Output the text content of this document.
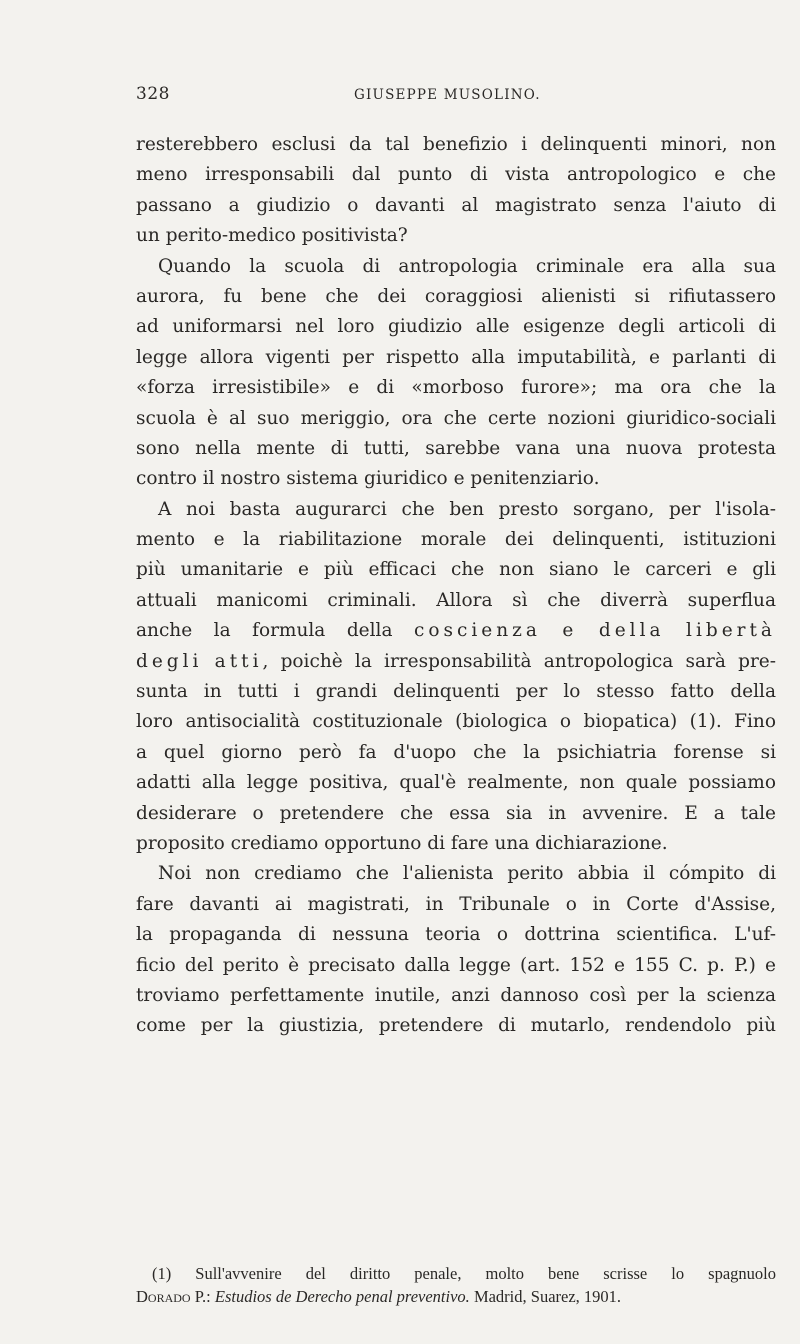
328	GIUSEPPE MUSOLINO.
resterebbero esclusi da tal benefizio i delinquenti minori, non
meno irresponsabili dal punto di vista antropologico e che
passano a giudizio o davanti al magistrato senza l'aiuto di
un perito-medico positivista?
Quando la scuola di antropologia criminale era alla sua
aurora, fu bene che dei coraggiosi alienisti si rifiutassero
ad uniformarsi nel loro giudizio alle esigenze degli articoli di
legge allora vigenti per rispetto alla imputabilità, e parlanti di
«forza irresistibile» e di «morboso furore»; ma ora che la
scuola è al suo meriggio, ora che certe nozioni giuridico-sociali
sono nella mente di tutti, sarebbe vana una nuova protesta
contro il nostro sistema giuridico e penitenziario.
A noi basta augurarci che ben presto sorgano, per l'isola-
mento e la riabilitazione morale dei delinquenti, istituzioni
più umanitarie e più efficaci che non siano le carceri e gli
attuali manicomi criminali. Allora sì che diverrà superflua
anche la formula della coscienza e della libertà
degli atti, poichè la irresponsabilità antropologica sarà pre-
sunta in tutti i grandi delinquenti per lo stesso fatto della
loro antisocialità costituzionale (biologica o biopatica) (1). Fino
a quel giorno però fa d'uopo che la psichiatria forense si
adatti alla legge positiva, qual'è realmente, non quale possiamo
desiderare o pretendere che essa sia in avvenire. E a tale
proposito crediamo opportuno di fare una dichiarazione.
Noi non crediamo che l'alienista perito abbia il cómpito di
fare davanti ai magistrati, in Tribunale o in Corte d'Assise,
la propaganda di nessuna teoria o dottrina scientifica. L'uf-
ficio del perito è precisato dalla legge (art. 152 e 155 C. p. P.) e
troviamo perfettamente inutile, anzi dannoso così per la scienza
come per la giustizia, pretendere di mutarlo, rendendolo più
(1) Sull'avvenire del diritto penale, molto bene scrisse lo spagnuolo
Dorado P.: Estudios de Derecho penal preventivo. Madrid, Suarez, 1901.
